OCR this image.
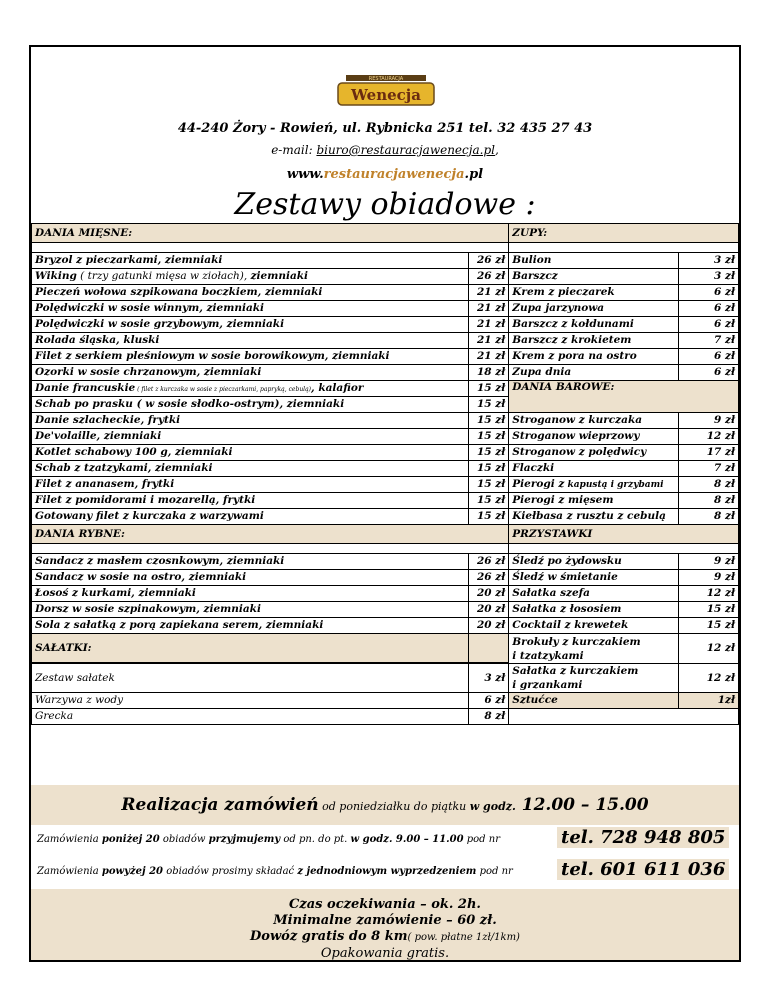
RESTAURACJA
Wenecja
44-240 Żory - Rowień, ul. Rybnicka 251 tel. 32 435 27 43
e-mail: biuro@restauracjawenecja.pl,
www.restauracjawenecja.pl
Zestawy obiadowe :
DANIA MIĘSNE:		ZUPY:	

Bryzol z pieczarkami, ziemniaki	26 zł	Bulion	3 zł
Wiking ( trzy gatunki mięsa w ziołach), ziemniaki	26 zł	Barszcz	3 zł
Pieczeń wołowa szpikowana boczkiem, ziemniaki	21 zł	Krem z pieczarek	6 zł
Polędwiczki w sosie winnym, ziemniaki	21 zł	Zupa jarzynowa	6 zł
Polędwiczki w sosie grzybowym, ziemniaki	21 zł	Barszcz z kołdunami	6 zł
Rolada śląska, kluski	21 zł	Barszcz z krokietem	7 zł
Filet z serkiem pleśniowym w sosie borowikowym, ziemniaki	21 zł	Krem z pora na ostro	6 zł
Ozorki w sosie chrzanowym, ziemniaki	18 zł	Zupa dnia	6 zł
Danie francuskie ( filet z kurczaka w sosie z pieczarkami, papryką, cebulą), kalafior	15 zł	DANIA BAROWE:	
Schab po prasku ( w sosie słodko-ostrym), ziemniaki	15 zł		
Danie szlacheckie, frytki	15 zł	Stroganow z kurczaka	9 zł
De'volaille, ziemniaki	15 zł	Stroganow wieprzowy	12 zł
Kotlet schabowy 100 g, ziemniaki	15 zł	Stroganow z polędwicy	17 zł
Schab z tzatzykami, ziemniaki	15 zł	Flaczki	7 zł
Filet z ananasem, frytki	15 zł	Pierogi z kapustą i grzybami	8 zł
Filet z pomidorami i mozarellą, frytki	15 zł	Pierogi z mięsem	8 zł
Gotowany filet z kurczaka z warzywami	15 zł	Kiełbasa z rusztu z cebulą	8 zł
DANIA RYBNE:		PRZYSTAWKI	

Sandacz z masłem czosnkowym, ziemniaki	26 zł	Śledź po żydowsku	9 zł
Sandacz w sosie na ostro, ziemniaki	26 zł	Śledź w śmietanie	9 zł
Łosoś z kurkami, ziemniaki	20 zł	Sałatka szefa	12 zł
Dorsz w sosie szpinakowym, ziemniaki	20 zł	Sałatka z łososiem	15 zł
Sola z sałatką z porą zapiekana serem, ziemniaki	20 zł	Cocktail z krewetek	15 zł
SAŁATKI:		Brokuły z kurczakiem
i tzatzykami	12 zł

Zestaw sałatek	3 zł	Sałatka z kurczakiem
i grzankami	12 zł
Warzywa z wody	6 zł	Sztućce	1zł
Grecka	8 zł		
Realizacja zamówień od poniedziałku do piątku w godz. 12.00 – 15.00
Zamówienia poniżej 20 obiadów przyjmujemy od pn. do pt. w godz. 9.00 – 11.00 pod nr	tel. 728 948 805
Zamówienia powyżej 20 obiadów prosimy składać z jednodniowym wyprzedzeniem pod nr	tel. 601 611 036
Czas oczekiwania – ok. 2h.
Minimalne zamówienie – 60 zł.
Dowóz gratis do 8 km( pow. płatne 1zł/1km)
Opakowania gratis.
